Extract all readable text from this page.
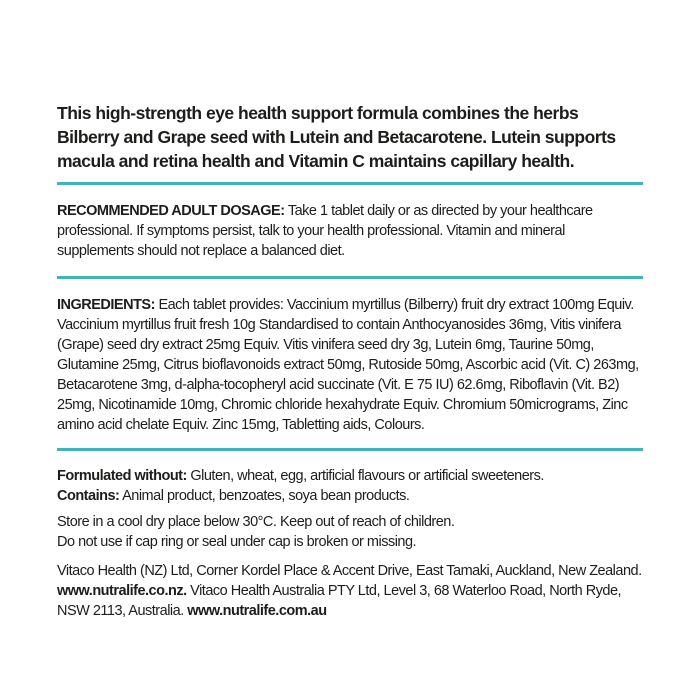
This high-strength eye health support formula combines the herbs Bilberry and Grape seed with Lutein and Betacarotene. Lutein supports macula and retina health and Vitamin C maintains capillary health.

RECOMMENDED ADULT DOSAGE: Take 1 tablet daily or as directed by your healthcare professional. If symptoms persist, talk to your health professional. Vitamin and mineral supplements should not replace a balanced diet.

INGREDIENTS: Each tablet provides: Vaccinium myrtillus (Bilberry) fruit dry extract 100mg Equiv. Vaccinium myrtillus fruit fresh 10g Standardised to contain Anthocyanosides 36mg, Vitis vinifera (Grape) seed dry extract 25mg Equiv. Vitis vinifera seed dry 3g, Lutein 6mg, Taurine 50mg, Glutamine 25mg, Citrus bioflavonoids extract 50mg, Rutoside 50mg, Ascorbic acid (Vit. C) 263mg, Betacarotene 3mg, d-alpha-tocopheryl acid succinate (Vit. E 75 IU) 62.6mg, Riboflavin (Vit. B2) 25mg, Nicotinamide 10mg, Chromic chloride hexahydrate Equiv. Chromium 50micrograms, Zinc amino acid chelate Equiv. Zinc 15mg, Tabletting aids, Colours.

Formulated without: Gluten, wheat, egg, artificial flavours or artificial sweeteners.

Contains: Animal product, benzoates, soya bean products.

Store in a cool dry place below 30°C. Keep out of reach of children.

Do not use if cap ring or seal under cap is broken or missing.

Vitaco Health (NZ) Ltd, Corner Kordel Place & Accent Drive, East Tamaki, Auckland, New Zealand. www.nutralife.co.nz. Vitaco Health Australia PTY Ltd, Level 3, 68 Waterloo Road, North Ryde, NSW 2113, Australia. www.nutralife.com.au
